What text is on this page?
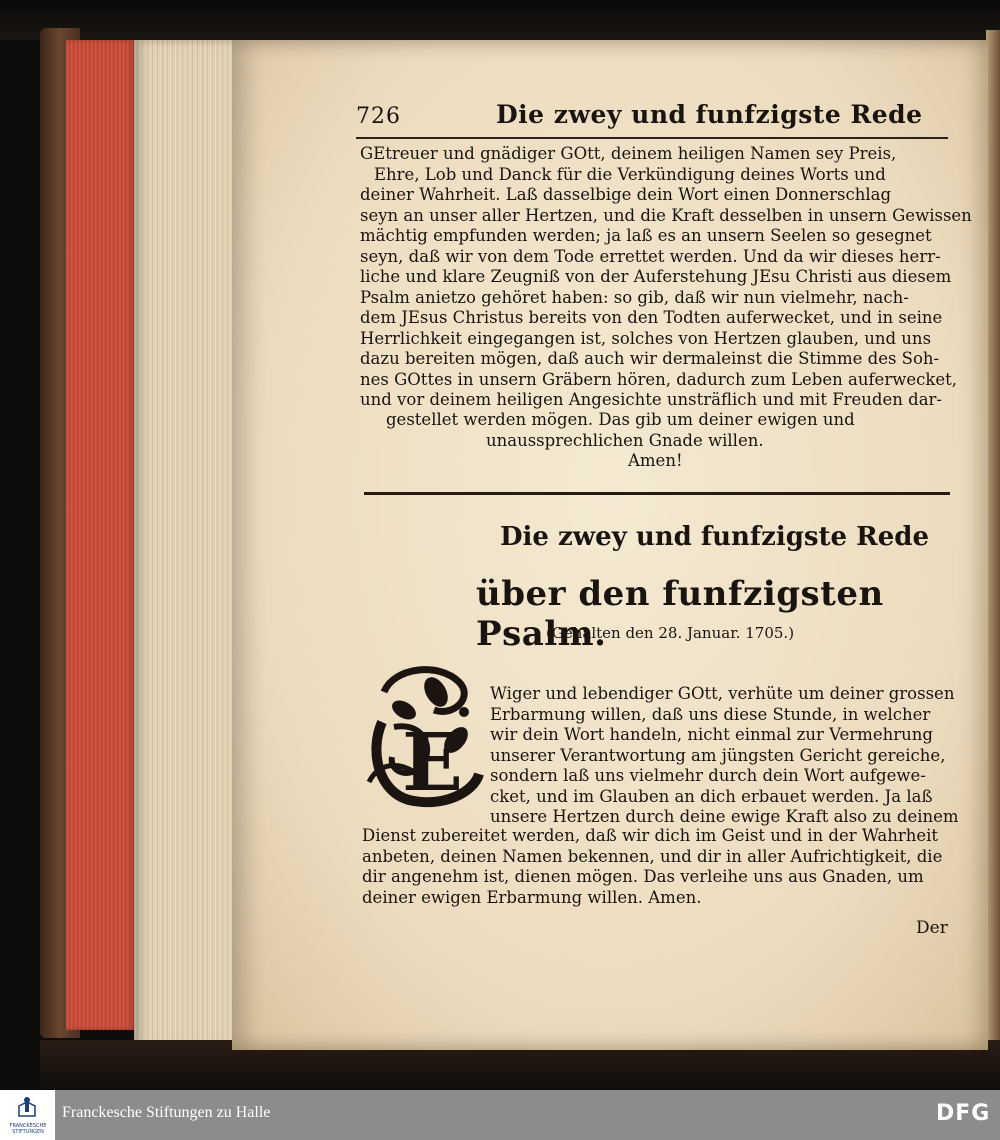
726	Die zwey und funfzigste Rede
GEtreuer und gnädiger GOtt, deinem heiligen Namen sey Preis,
Ehre, Lob und Danck für die Verkündigung deines Worts und
deiner Wahrheit. Laß dasselbige dein Wort einen Donnerschlag
seyn an unser aller Hertzen, und die Kraft desselben in unsern Gewissen
mächtig empfunden werden; ja laß es an unsern Seelen so gesegnet
seyn, daß wir von dem Tode errettet werden. Und da wir dieses herr-
liche und klare Zeugniß von der Auferstehung JEsu Christi aus diesem
Psalm anietzo gehöret haben: so gib, daß wir nun vielmehr, nach-
dem JEsus Christus bereits von den Todten auferwecket, und in seine
Herrlichkeit eingegangen ist, solches von Hertzen glauben, und uns
dazu bereiten mögen, daß auch wir dermaleinst die Stimme des Soh-
nes GOttes in unsern Gräbern hören, dadurch zum Leben auferwecket,
und vor deinem heiligen Angesichte unsträflich und mit Freuden dar-
gestellet werden mögen. Das gib um deiner ewigen und
unaussprechlichen Gnade willen.
Amen!
Die zwey und funfzigste Rede
über den funfzigsten Psalm.
(Gehalten den 28. Januar. 1705.)
E
Wiger und lebendiger GOtt, verhüte um deiner grossen
Erbarmung willen, daß uns diese Stunde, in welcher
wir dein Wort handeln, nicht einmal zur Vermehrung
unserer Verantwortung am jüngsten Gericht gereiche,
sondern laß uns vielmehr durch dein Wort aufgewe-
cket, und im Glauben an dich erbauet werden. Ja laß
unsere Hertzen durch deine ewige Kraft also zu deinem
Dienst zubereitet werden, daß wir dich im Geist und in der Wahrheit
anbeten, deinen Namen bekennen, und dir in aller Aufrichtigkeit, die
dir angenehm ist, dienen mögen. Das verleihe uns aus Gnaden, um
deiner ewigen Erbarmung willen. Amen.
Der
FRANCKESCHE STIFTUNGEN
Franckesche Stiftungen zu Halle	DFG
